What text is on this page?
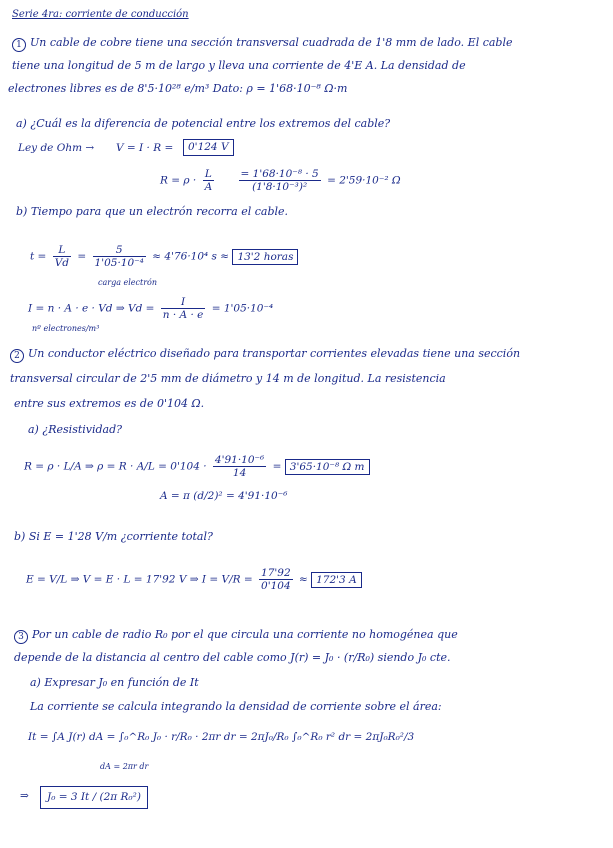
Serie 4ra: corriente de conducción
1 Un cable de cobre tiene una sección transversal cuadrada de 1'8 mm de lado. El cable
tiene una longitud de 5 m de largo y lleva una corriente de 4'E A. La densidad de
electrones libres es de 8'5·10²⁸ e/m³ Dato: ρ = 1'68·10⁻⁸ Ω·m
a) ¿Cuál es la diferencia de potencial entre los extremos del cable?
Ley de Ohm → V = I · R =	0'124 V
$R = \rho \cdot \frac{L}{A}$
$\frac{\text{= 1'68·10⁻⁸ · 5}}{\text{(1'8·10⁻³)²}} = 2'59\cdot 10^{-2}$ Ω
b) Tiempo para que un electrón recorra el cable.
$t = \frac{L}{Vd} = \frac{5}{\text{1'05·10⁻⁴}} \approx 4'76\cdot 10^4$ s ≈ 13'2 horas
carga electrón
I = n · A · e · Vd ⇒ $Vd = \frac{I}{n \cdot A \cdot e} = 1'05\cdot 10^{-4}$
nº electrones/m³
2 Un conductor eléctrico diseñado para transportar corrientes elevadas tiene una sección
transversal circular de 2'5 mm de diámetro y 14 m de longitud. La resistencia
entre sus extremos es de 0'104 Ω.
a) ¿Resistividad?
R = ρ · L/A ⇒ $\rho = R \cdot A/L = 0'104 \cdot \frac{\text{4'91·10⁻⁶}}{14} = 3'65\cdot 10^{-8}$ Ω m
A = π (d/2)² = 4'91·10⁻⁶
b) Si E = 1'28 V/m ¿corriente total?
E = V/L ⇒ V = E · L = 17'92 V ⇒ $I = V/R = \frac{17'92}{0'104} \approx 172'3$ A
3 Por un cable de radio R₀ por el que circula una corriente no homogénea que
depende de la distancia al centro del cable como J(r) = J₀ · (r/R₀) siendo J₀ cte.
a) Expresar J₀ en función de It
La corriente se calcula integrando la densidad de corriente sobre el área:
It = ∫A J(r) dA = ∫₀^R₀ J₀ · r/R₀ · 2πr dr = 2πJ₀/R₀ ∫₀^R₀ r² dr = 2πJ₀R₀²/3
dA = 2πr dr
⇒	J₀ = 3 It / (2π R₀²)
